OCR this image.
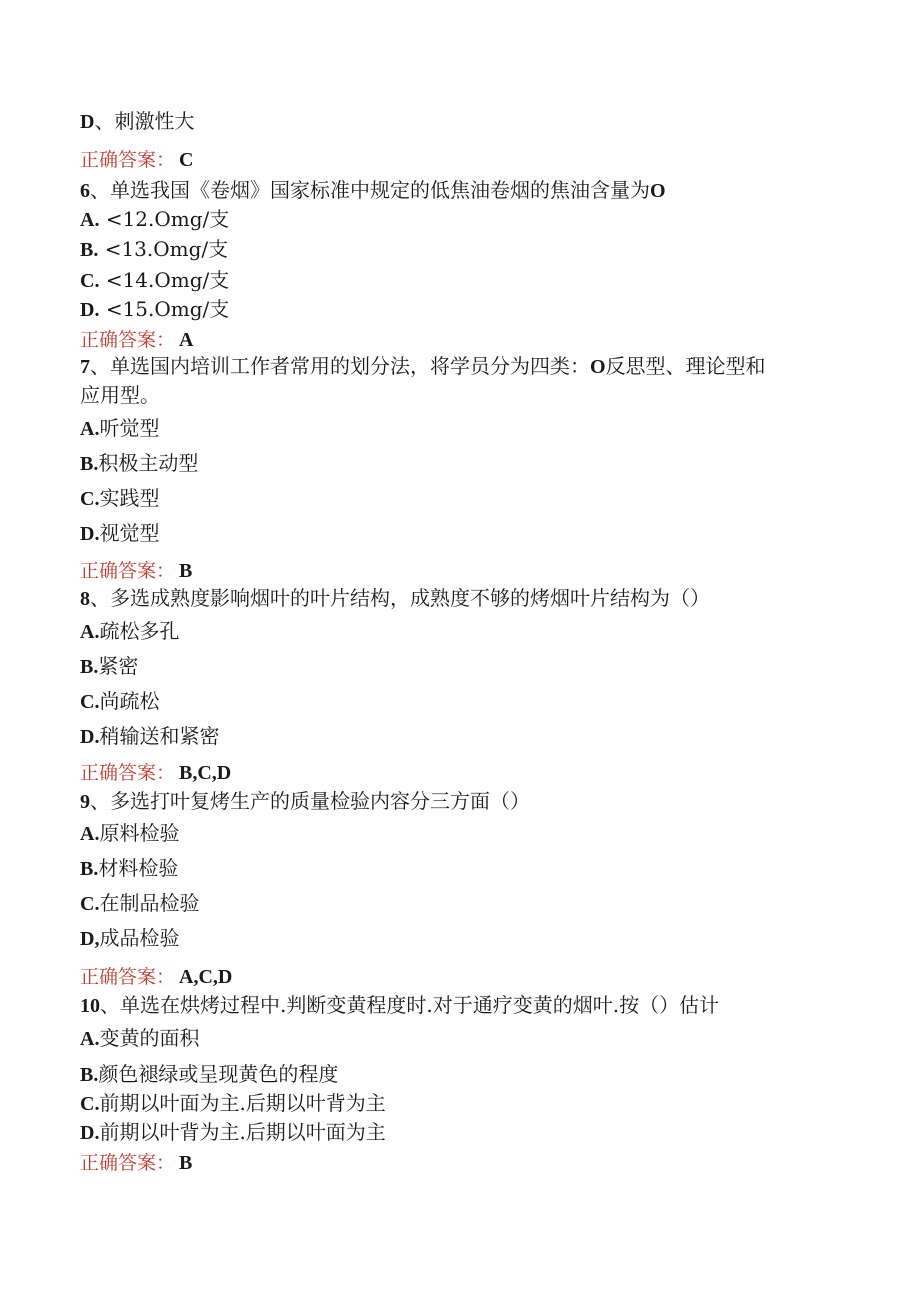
D、刺激性大
正确答案： C
6、单选我国《卷烟》国家标准中规定的低焦油卷烟的焦油含量为O
A. <12.Omg/支
B. <13.Omg/支
C. <14.Omg/支
D. <15.Omg/支
正确答案： A
7、单选国内培训工作者常用的划分法，将学员分为四类：O反思型、理论型和
应用型。
A.听觉型
B.积极主动型
C.实践型
D.视觉型
正确答案： B
8、多选成熟度影响烟叶的叶片结构，成熟度不够的烤烟叶片结构为（）
A.疏松多孔
B.紧密
C.尚疏松
D.稍输送和紧密
正确答案： B,C,D
9、多选打叶复烤生产的质量检验内容分三方面（）
A.原料检验
B.材料检验
C.在制品检验
D,成品检验
正确答案： A,C,D
10、单选在烘烤过程中.判断变黄程度时.对于通疗变黄的烟叶.按（）估计
A.变黄的面积
B.颜色褪绿或呈现黄色的程度
C.前期以叶面为主.后期以叶背为主
D.前期以叶背为主.后期以叶面为主
正确答案： B
